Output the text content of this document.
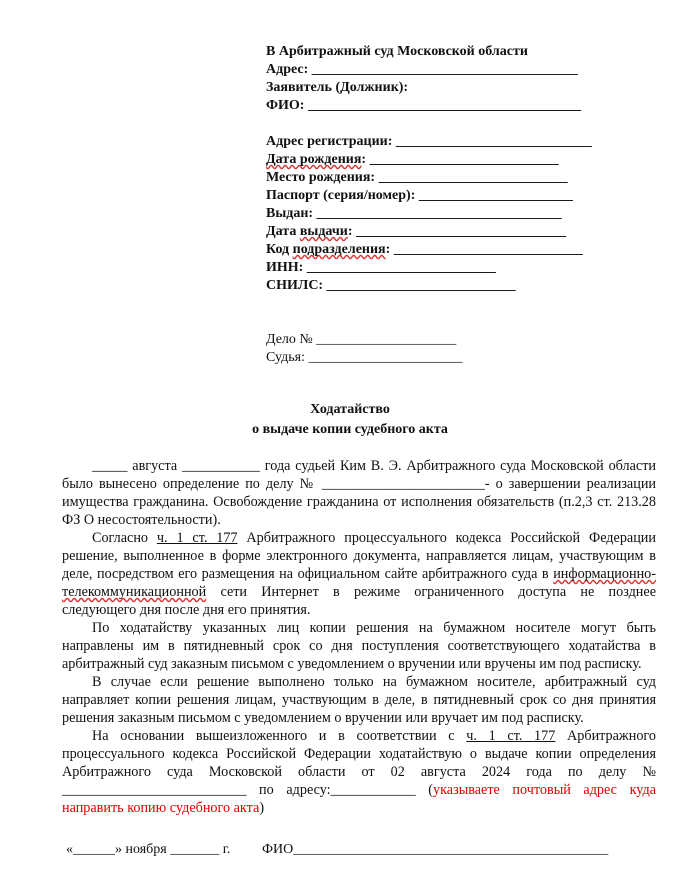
В Арбитражный суд Московской области
Адрес: ______________________________________
Заявитель (Должник):
ФИО: _______________________________________
Адрес регистрации: ____________________________
Дата рождения: ___________________________
Место рождения: ___________________________
Паспорт (серия/номер): ______________________
Выдан: ___________________________________
Дата выдачи: ______________________________
Код подразделения: ___________________________
ИНН: ___________________________
СНИЛС: ___________________________
Дело № ____________________
Судья: ______________________
Ходатайство
о выдаче копии судебного акта
_____ августа ___________ года судьей Ким В. Э. Арбитражного суда Московской области
было вынесено определение по делу № _______________________- о завершении реализации
имущества гражданина. Освобождение гражданина от исполнения обязательств (п.2,3 ст. 213.28
ФЗ О несостоятельности).
Согласно ч. 1 ст. 177 Арбитражного процессуального кодекса Российской Федерации
решение, выполненное в форме электронного документа, направляется лицам, участвующим в
деле, посредством его размещения на официальном сайте арбитражного суда в информационно-
телекоммуникационной сети Интернет в режиме ограниченного доступа не позднее
следующего дня после дня его принятия.
По ходатайству указанных лиц копии решения на бумажном носителе могут быть
направлены им в пятидневный срок со дня поступления соответствующего ходатайства в
арбитражный суд заказным письмом с уведомлением о вручении или вручены им под расписку.
В случае если решение выполнено только на бумажном носителе, арбитражный суд
направляет копии решения лицам, участвующим в деле, в пятидневный срок со дня принятия
решения заказным письмом с уведомлением о вручении или вручает им под расписку.
На основании вышеизложенного и в соответствии с ч. 1 ст. 177 Арбитражного
процессуального кодекса Российской Федерации ходатайствую о выдаче копии определения
Арбитражного суда Московской области от 02 августа 2024 года по делу №
__________________________ по адресу:____________ (указываете почтовый адрес куда
направить копию судебного акта)
«______» ноября _______ г. ФИО_____________________________________________
